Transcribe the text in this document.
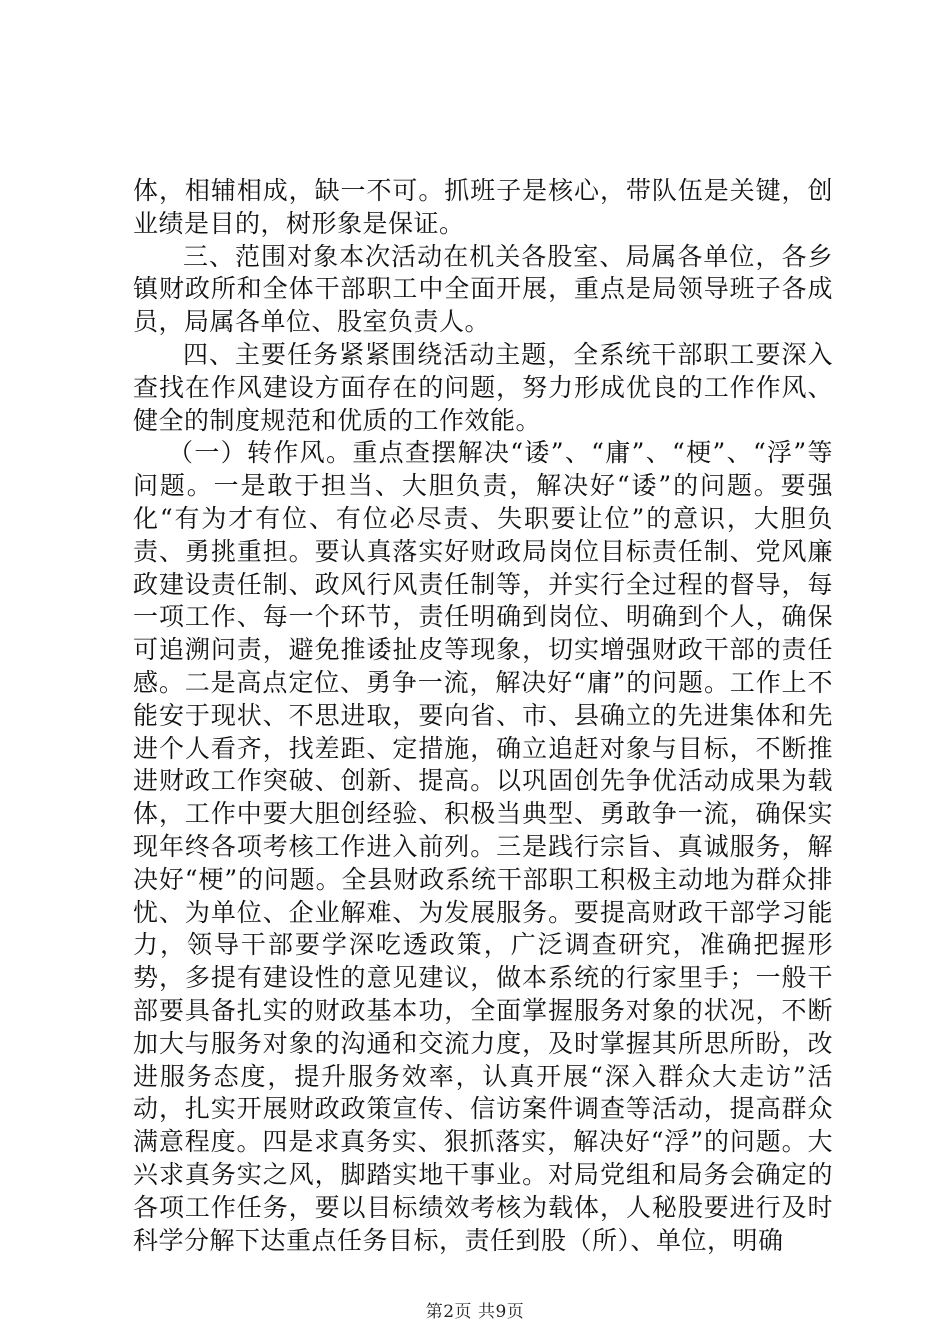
体，相辅相成，缺一不可。抓班子是核心，带队伍是关键，创业绩是目的，树形象是保证。

三、范围对象本次活动在机关各股室、局属各单位，各乡镇财政所和全体干部职工中全面开展，重点是局领导班子各成员，局属各单位、股室负责人。

四、主要任务紧紧围绕活动主题，全系统干部职工要深入查找在作风建设方面存在的问题，努力形成优良的工作作风、健全的制度规范和优质的工作效能。

（一）转作风。重点查摆解决“诿”、“庸”、“梗”、“浮”等问题。一是敢于担当、大胆负责，解决好“诿”的问题。要强化“有为才有位、有位必尽责、失职要让位”的意识，大胆负责、勇挑重担。要认真落实好财政局岗位目标责任制、党风廉政建设责任制、政风行风责任制等，并实行全过程的督导，每一项工作、每一个环节，责任明确到岗位、明确到个人，确保可追溯问责，避免推诿扯皮等现象，切实增强财政干部的责任感。二是高点定位、勇争一流，解决好“庸”的问题。工作上不能安于现状、不思进取，要向省、市、县确立的先进集体和先进个人看齐，找差距、定措施，确立追赶对象与目标，不断推进财政工作突破、创新、提高。以巩固创先争优活动成果为载体，工作中要大胆创经验、积极当典型、勇敢争一流，确保实现年终各项考核工作进入前列。三是践行宗旨、真诚服务，解决好“梗”的问题。全县财政系统干部职工积极主动地为群众排忧、为单位、企业解难、为发展服务。要提高财政干部学习能力，领导干部要学深吃透政策，广泛调查研究，准确把握形势，多提有建设性的意见建议，做本系统的行家里手；一般干部要具备扎实的财政基本功，全面掌握服务对象的状况，不断加大与服务对象的沟通和交流力度，及时掌握其所思所盼，改进服务态度，提升服务效率，认真开展“深入群众大走访”活动，扎实开展财政政策宣传、信访案件调查等活动，提高群众满意程度。四是求真务实、狠抓落实，解决好“浮”的问题。大兴求真务实之风，脚踏实地干事业。对局党组和局务会确定的各项工作任务，要以目标绩效考核为载体，人秘股要进行及时科学分解下达重点任务目标，责任到股（所）、单位，明确

第2页 共9页
